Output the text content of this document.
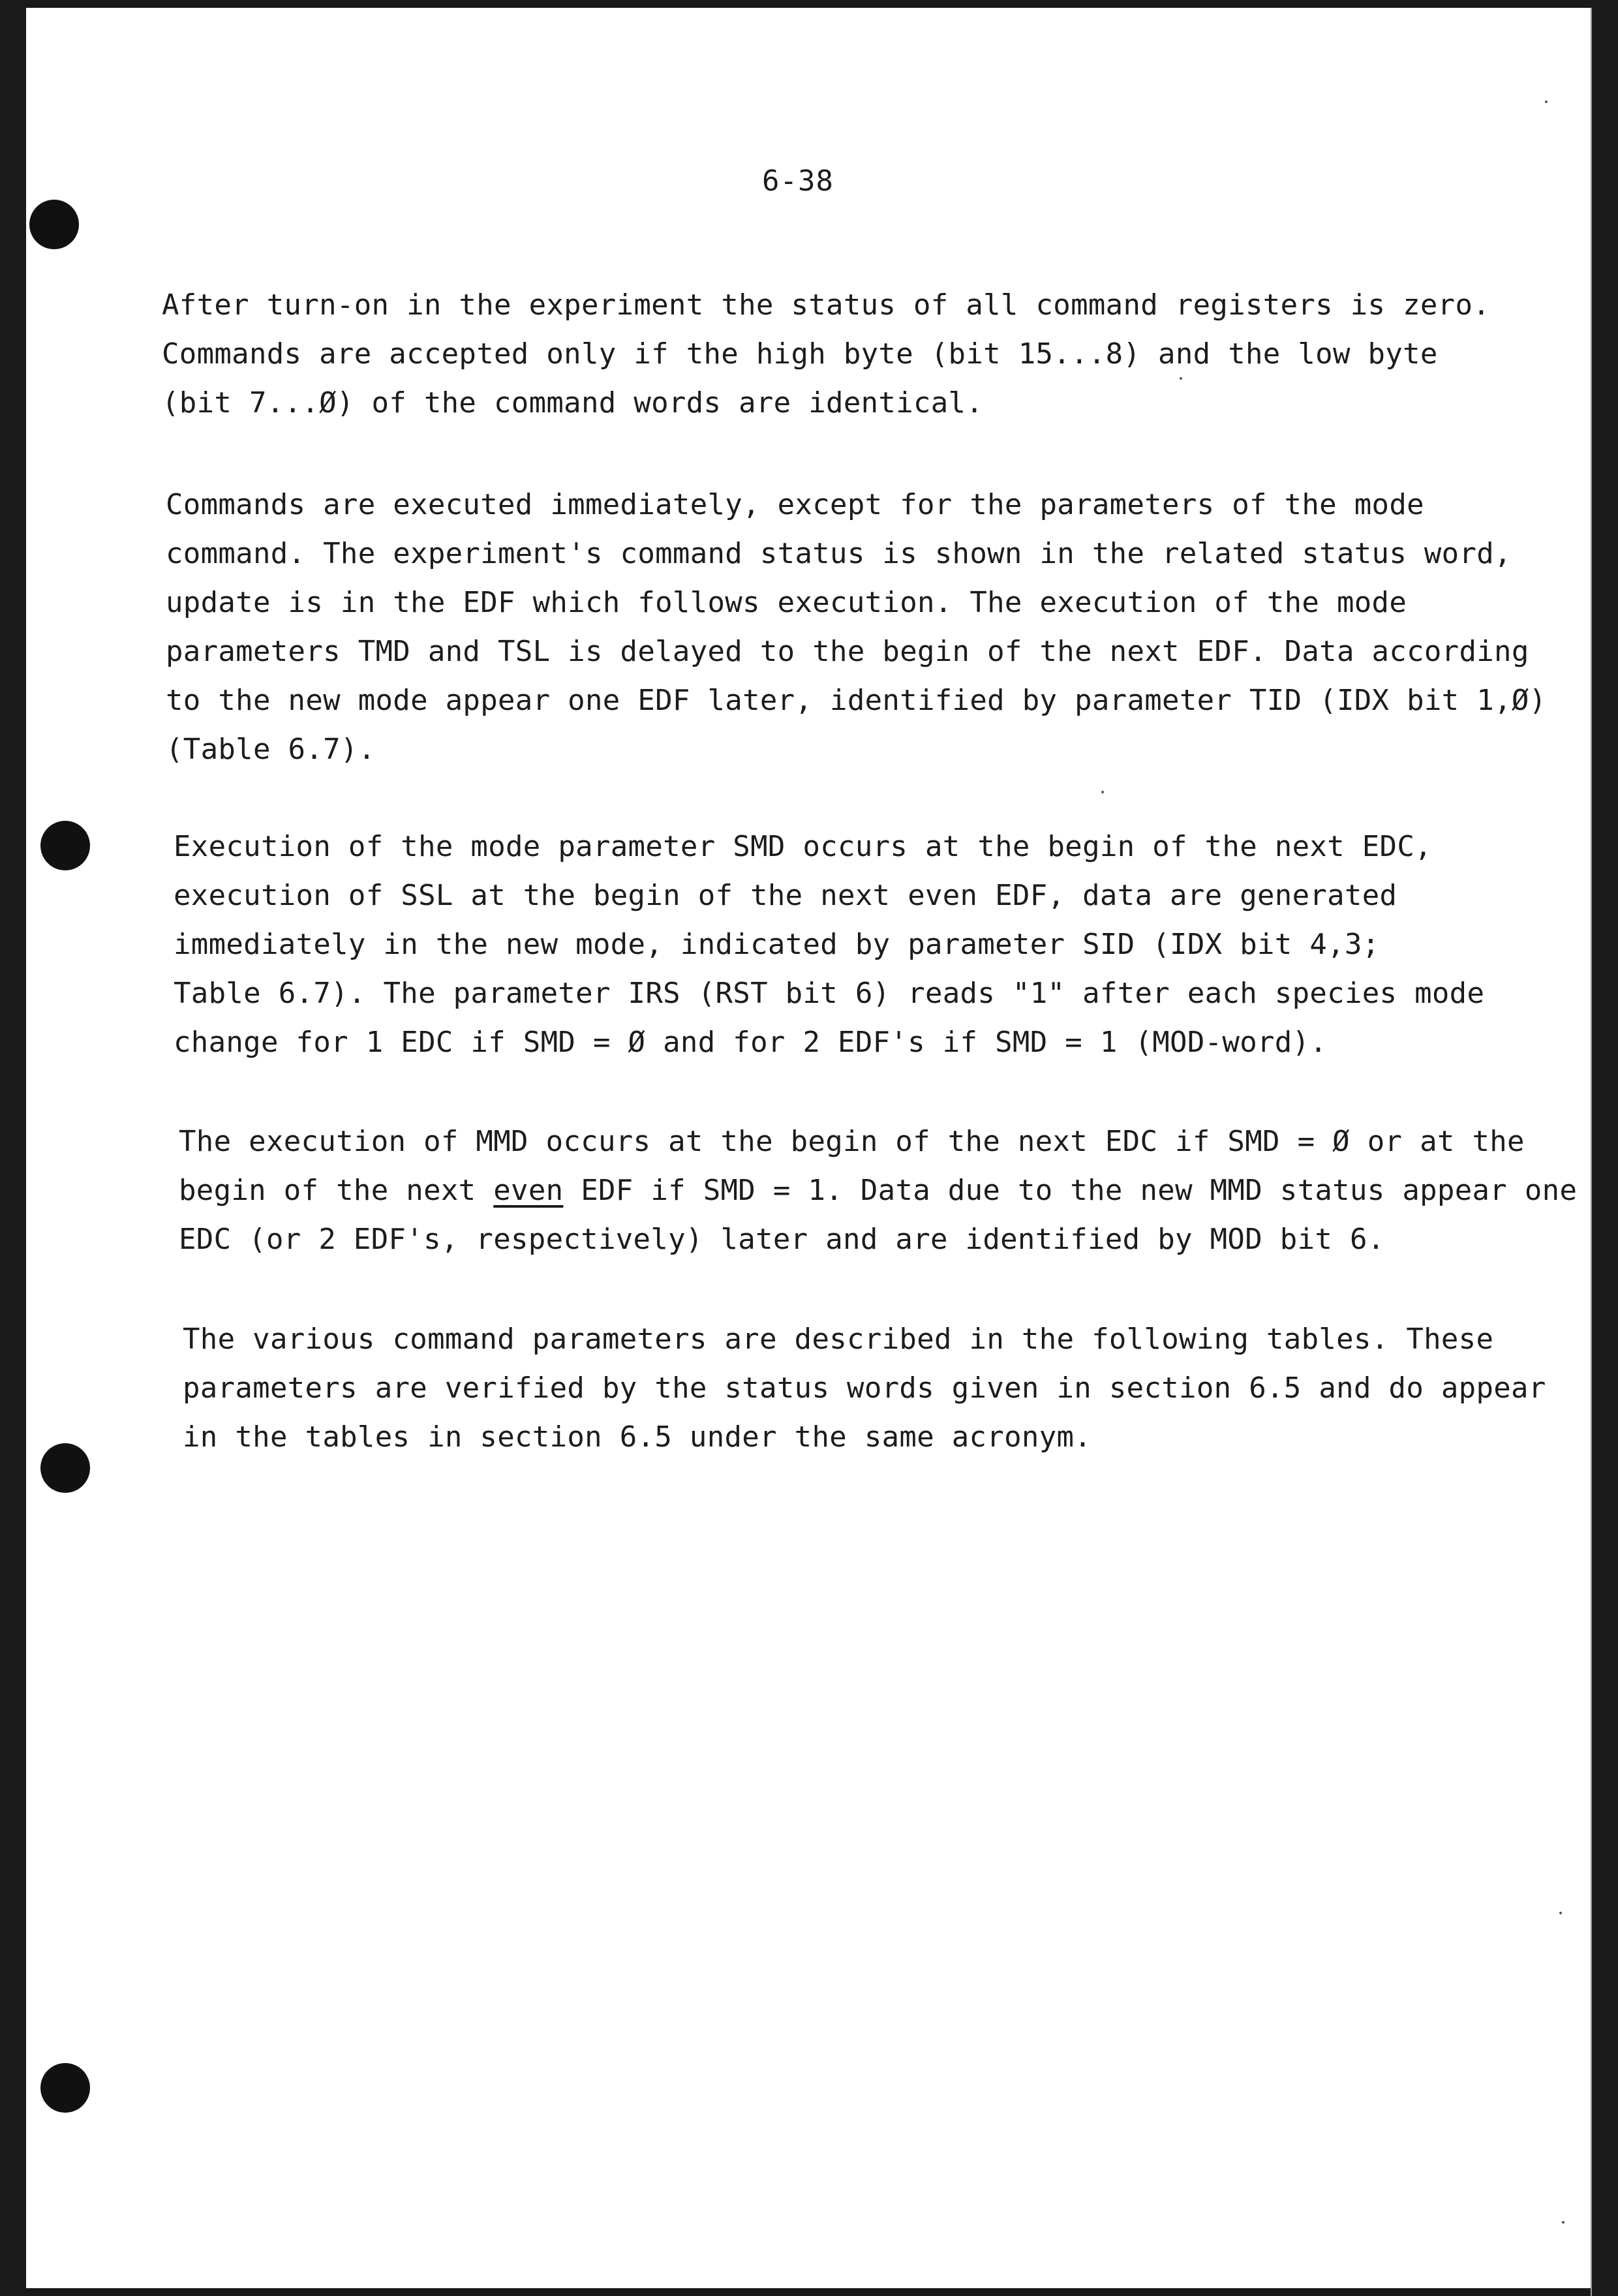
6-38

After turn-on in the experiment the status of all command registers is zero.
Commands are accepted only if the high byte (bit 15...8) and the low byte
(bit 7...Ø) of the command words are identical.

Commands are executed immediately, except for the parameters of the mode
command. The experiment's command status is shown in the related status word,
update is in the EDF which follows execution. The execution of the mode
parameters TMD and TSL is delayed to the begin of the next EDF. Data according
to the new mode appear one EDF later, identified by parameter TID (IDX bit 1,Ø)
(Table 6.7).

Execution of the mode parameter SMD occurs at the begin of the next EDC,
execution of SSL at the begin of the next even EDF, data are generated
immediately in the new mode, indicated by parameter SID (IDX bit 4,3;
Table 6.7). The parameter IRS (RST bit 6) reads "1" after each species mode
change for 1 EDC if SMD = Ø and for 2 EDF's if SMD = 1 (MOD-word).

The execution of MMD occurs at the begin of the next EDC if SMD = Ø or at the
begin of the next even EDF if SMD = 1. Data due to the new MMD status appear one
EDC (or 2 EDF's, respectively) later and are identified by MOD bit 6.

The various command parameters are described in the following tables. These
parameters are verified by the status words given in section 6.5 and do appear
in the tables in section 6.5 under the same acronym.
